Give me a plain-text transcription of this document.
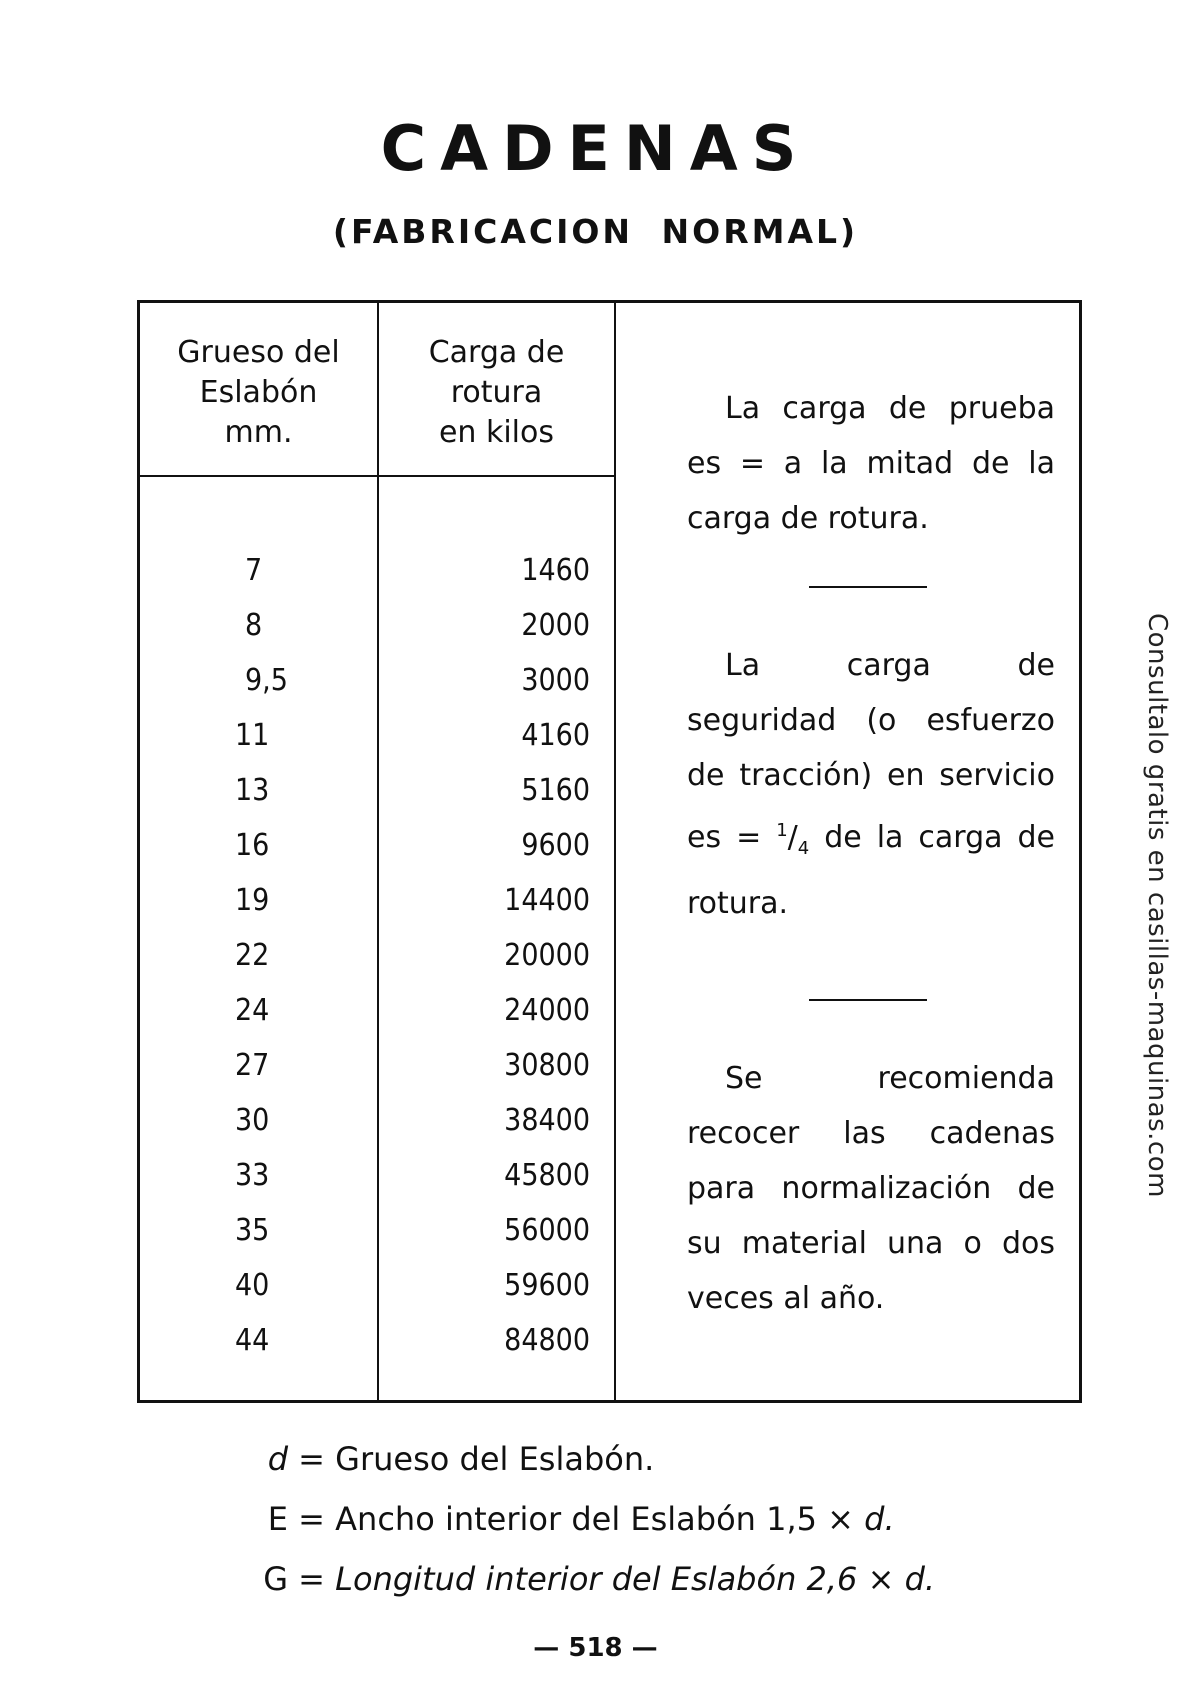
CADENAS
(FABRICACION NORMAL)
Grueso del
Eslabón
mm.
Carga de
rotura
en kilos
7
8
9,5
11
13
16
19
22
24
27
30
33
35
40
44
1460
2000
3000
4160
5160
9600
14400
20000
24000
30800
38400
45800
56000
59600
84800

La carga de prueba es = a la mitad de la carga de rotura.

La carga de seguridad (o esfuerzo de tracción) en servicio es = $^1/_4$ de la carga de rotura.

Se recomienda recocer las cadenas para normalización de su material una o dos veces al año.

d = Grueso del Eslabón.
E = Ancho interior del Eslabón 1,5 × d.
G = Longitud interior del Eslabón 2,6 × d.
— 518 —
Consultalo gratis en casillas-maquinas.com
